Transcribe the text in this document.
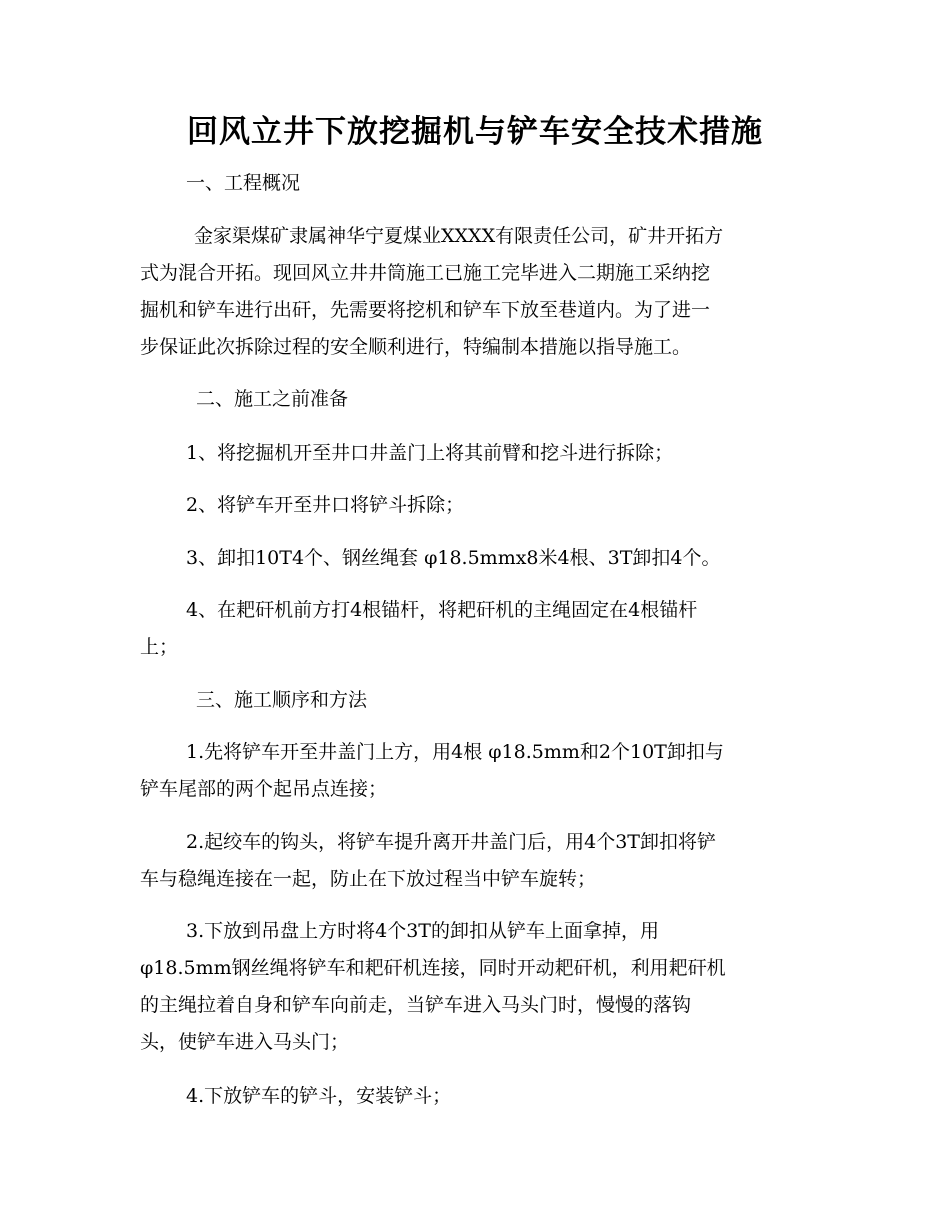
回风立井下放挖掘机与铲车安全技术措施
一、工程概况
金家渠煤矿隶属神华宁夏煤业XXXX有限责任公司，矿井开拓方
式为混合开拓。现回风立井井筒施工已施工完毕进入二期施工采纳挖
掘机和铲车进行出矸，先需要将挖机和铲车下放至巷道内。为了进一
步保证此次拆除过程的安全顺利进行，特编制本措施以指导施工。
二、施工之前准备
1、将挖掘机开至井口井盖门上将其前臂和挖斗进行拆除；
2、将铲车开至井口将铲斗拆除；
3、卸扣10T4个、钢丝绳套 φ18.5mmx8米4根、3T卸扣4个。
4、在耙矸机前方打4根锚杆，将耙矸机的主绳固定在4根锚杆
上；
三、施工顺序和方法
1.先将铲车开至井盖门上方，用4根 φ18.5mm和2个10T卸扣与
铲车尾部的两个起吊点连接；
2.起绞车的钩头，将铲车提升离开井盖门后，用4个3T卸扣将铲
车与稳绳连接在一起，防止在下放过程当中铲车旋转；
3.下放到吊盘上方时将4个3T的卸扣从铲车上面拿掉，用
φ18.5mm钢丝绳将铲车和耙矸机连接，同时开动耙矸机，利用耙矸机
的主绳拉着自身和铲车向前走，当铲车进入马头门时，慢慢的落钩
头，使铲车进入马头门；
4.下放铲车的铲斗，安装铲斗；
